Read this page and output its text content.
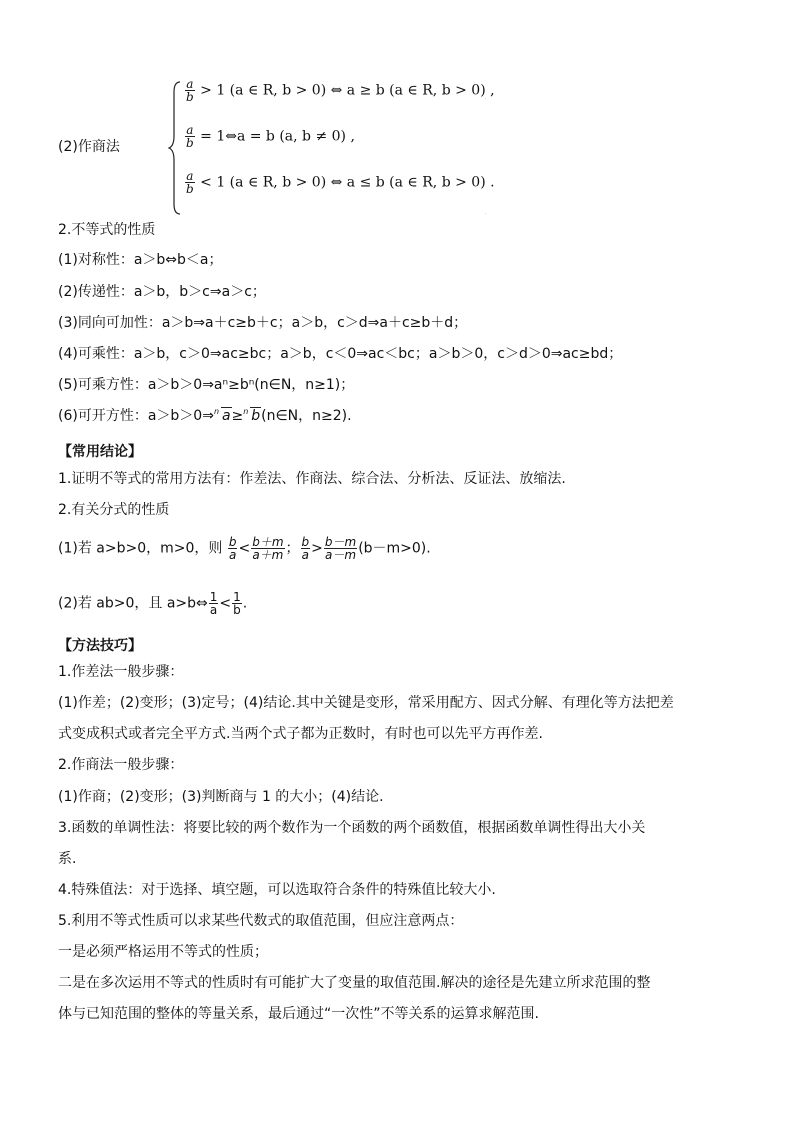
(2)作商法
$\frac{a}{b} > 1$ (a ∈ R, b > 0) ⇔ a ≥ b (a ∈ R, b > 0) ,
$\frac{a}{b}$ = 1⇔a = b (a, b ≠ 0) ,
$\frac{a}{b} < 1$ (a ∈ R, b > 0) ⇔ a ≤ b (a ∈ R, b > 0) .
2.不等式的性质
(1)对称性：a＞b⇔b＜a；
(2)传递性：a＞b，b＞c⇒a＞c；
(3)同向可加性：a＞b⇒a＋c≥b＋c；a＞b，c＞d⇒a＋c≥b＋d；
(4)可乘性：a＞b，c＞0⇒ac≥bc；a＞b，c＜0⇒ac＜bc；a＞b＞0，c＞d＞0⇒ac≥bd；
(5)可乘方性：a＞b＞0⇒aⁿ≥bⁿ(n∈N，n≥1)；
(6)可开方性：a＞b＞0⇒ n a≥ n b(n∈N，n≥2).
【常用结论】
1.证明不等式的常用方法有：作差法、作商法、综合法、分析法、反证法、放缩法.
2.有关分式的性质
(1)若 a>b>0，m>0，则 $\frac{b}{a} < \frac{b+m}{a+m}$ ； $\frac{b}{a} > \frac{b-m}{a-m} (b-m>0)$.
(2)若 ab>0，且 a>b⇔ $\frac{1}{a} < \frac{1}{b}$ .
【方法技巧】
1.作差法一般步骤：
(1)作差；(2)变形；(3)定号；(4)结论.其中关键是变形，常采用配方、因式分解、有理化等方法把差
式变成积式或者完全平方式.当两个式子都为正数时，有时也可以先平方再作差.
2.作商法一般步骤：
(1)作商；(2)变形；(3)判断商与 1 的大小；(4)结论.
3.函数的单调性法：将要比较的两个数作为一个函数的两个函数值，根据函数单调性得出大小关
系.
4.特殊值法：对于选择、填空题，可以选取符合条件的特殊值比较大小.
5.利用不等式性质可以求某些代数式的取值范围，但应注意两点：
一是必须严格运用不等式的性质；
二是在多次运用不等式的性质时有可能扩大了变量的取值范围.解决的途径是先建立所求范围的整
体与已知范围的整体的等量关系，最后通过“一次性”不等关系的运算求解范围.
